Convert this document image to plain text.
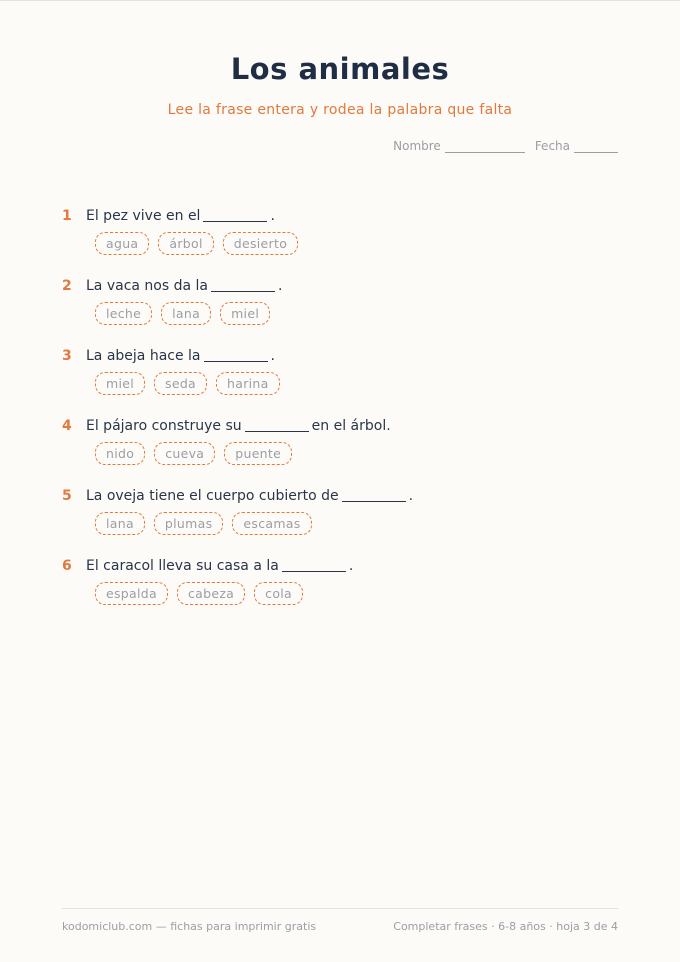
Los animales
Lee la frase entera y rodea la palabra que falta
Nombre	Fecha
1	El pez vive en el	.
agua	árbol	desierto
2	La vaca nos da la	.
leche	lana	miel
3	La abeja hace la	.
miel	seda	harina
4	El pájaro construye su	en el árbol.
nido	cueva	puente
5	La oveja tiene el cuerpo cubierto de	.
lana	plumas	escamas
6	El caracol lleva su casa a la	.
espalda	cabeza	cola
kodomiclub.com — fichas para imprimir gratis	Completar frases · 6-8 años · hoja 3 de 4
